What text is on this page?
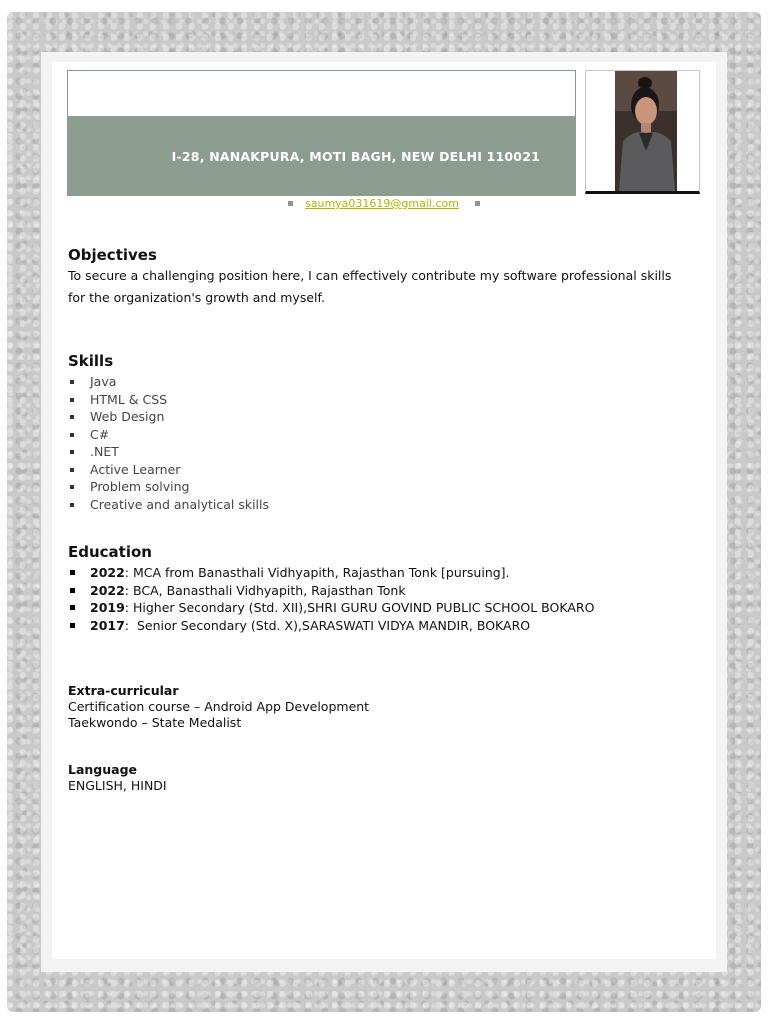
I-28, NANAKPURA, MOTI BAGH, NEW DELHI 110021
saumya031619@gmail.com
Objectives
To secure a challenging position here, I can effectively contribute my software professional skills for the organization's growth and myself.
Skills
Java
HTML & CSS
Web Design
C#
.NET
Active Learner
Problem solving
Creative and analytical skills
Education
2022: MCA from Banasthali Vidhyapith, Rajasthan Tonk [pursuing].
2022: BCA, Banasthali Vidhyapith, Rajasthan Tonk
2019: Higher Secondary (Std. XII),SHRI GURU GOVIND PUBLIC SCHOOL BOKARO
2017:  Senior Secondary (Std. X),SARASWATI VIDYA MANDIR, BOKARO
Extra-curricular
Certification course – Android App Development
Taekwondo – State Medalist
Language
ENGLISH, HINDI
